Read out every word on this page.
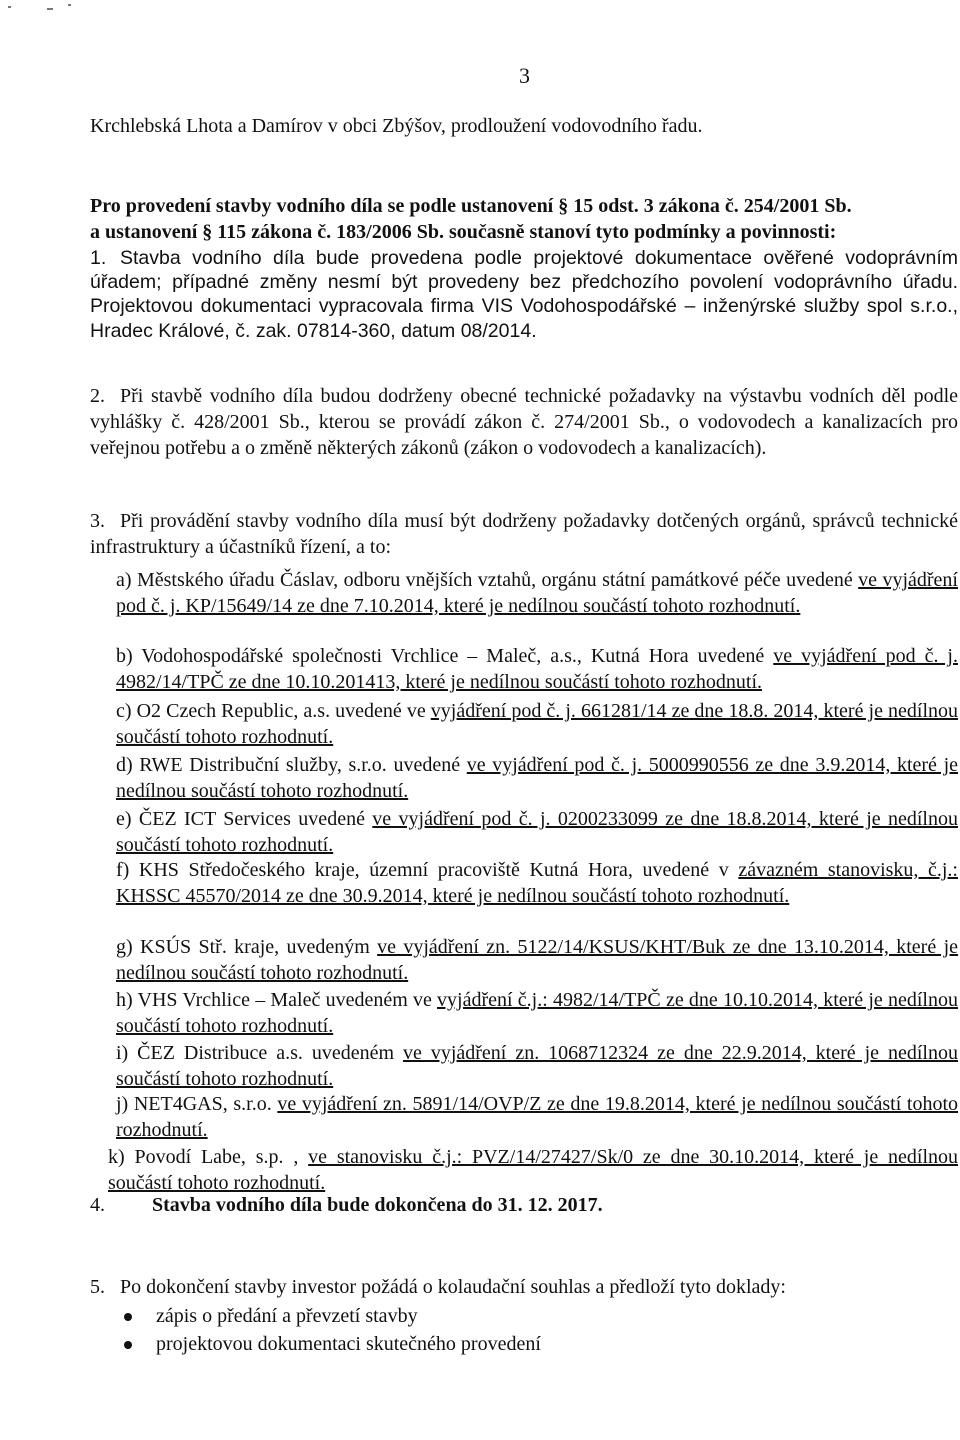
3

Krchlebská Lhota a Damírov v obci Zbýšov, prodloužení vodovodního řadu.

Pro provedení stavby vodního díla se podle ustanovení § 15 odst. 3 zákona č. 254/2001 Sb.
a ustanovení § 115 zákona č. 183/2006 Sb. současně stanoví tyto podmínky a povinnosti:
1. Stavba vodního díla bude provedena podle projektové dokumentace ověřené vodoprávním úřadem; případné změny nesmí být provedeny bez předchozího povolení vodoprávního úřadu. Projektovou dokumentaci vypracovala firma VIS Vodohospodářské – inženýrské služby spol s.r.o., Hradec Králové, č. zak. 07814-360, datum 08/2014.
2. Při stavbě vodního díla budou dodrženy obecné technické požadavky na výstavbu vodních děl podle vyhlášky č. 428/2001 Sb., kterou se provádí zákon č. 274/2001 Sb., o vodovodech a kanalizacích pro veřejnou potřebu a o změně některých zákonů (zákon o vodovodech a kanalizacích).
3. Při provádění stavby vodního díla musí být dodrženy požadavky dotčených orgánů, správců technické infrastruktury a účastníků řízení, a to:
a) Městského úřadu Čáslav, odboru vnějších vztahů, orgánu státní památkové péče uvedené ve vyjádření pod č. j. KP/15649/14 ze dne 7.10.2014, které je nedílnou součástí tohoto rozhodnutí.
b) Vodohospodářské společnosti Vrchlice – Maleč, a.s., Kutná Hora uvedené ve vyjádření pod č. j. 4982/14/TPČ ze dne 10.10.201413, které je nedílnou součástí tohoto rozhodnutí.
c) O2 Czech Republic, a.s. uvedené ve vyjádření pod č. j. 661281/14 ze dne 18.8. 2014, které je nedílnou součástí tohoto rozhodnutí.
d) RWE Distribuční služby, s.r.o. uvedené ve vyjádření pod č. j. 5000990556 ze dne 3.9.2014, které je nedílnou součástí tohoto rozhodnutí.
e) ČEZ ICT Services uvedené ve vyjádření pod č. j. 0200233099 ze dne 18.8.2014, které je nedílnou součástí tohoto rozhodnutí.
f) KHS Středočeského kraje, územní pracoviště Kutná Hora, uvedené v závazném stanovisku, č.j.: KHSSC 45570/2014 ze dne 30.9.2014, které je nedílnou součástí tohoto rozhodnutí.
g) KSÚS Stř. kraje, uvedeným ve vyjádření zn. 5122/14/KSUS/KHT/Buk ze dne 13.10.2014, které je nedílnou součástí tohoto rozhodnutí.
h) VHS Vrchlice – Maleč uvedeném ve vyjádření č.j.: 4982/14/TPČ ze dne 10.10.2014, které je nedílnou součástí tohoto rozhodnutí.
i) ČEZ Distribuce a.s. uvedeném ve vyjádření zn. 1068712324 ze dne 22.9.2014, které je nedílnou součástí tohoto rozhodnutí.
j) NET4GAS, s.r.o. ve vyjádření zn. 5891/14/OVP/Z ze dne 19.8.2014, které je nedílnou součástí tohoto rozhodnutí.
k) Povodí Labe, s.p. , ve stanovisku č.j.: PVZ/14/27427/Sk/0 ze dne 30.10.2014, které je nedílnou součástí tohoto rozhodnutí.
4. Stavba vodního díla bude dokončena do 31. 12. 2017.
5. Po dokončení stavby investor požádá o kolaudační souhlas a předloží tyto doklady:
zápis o předání a převzetí stavby
projektovou dokumentaci skutečného provedení
